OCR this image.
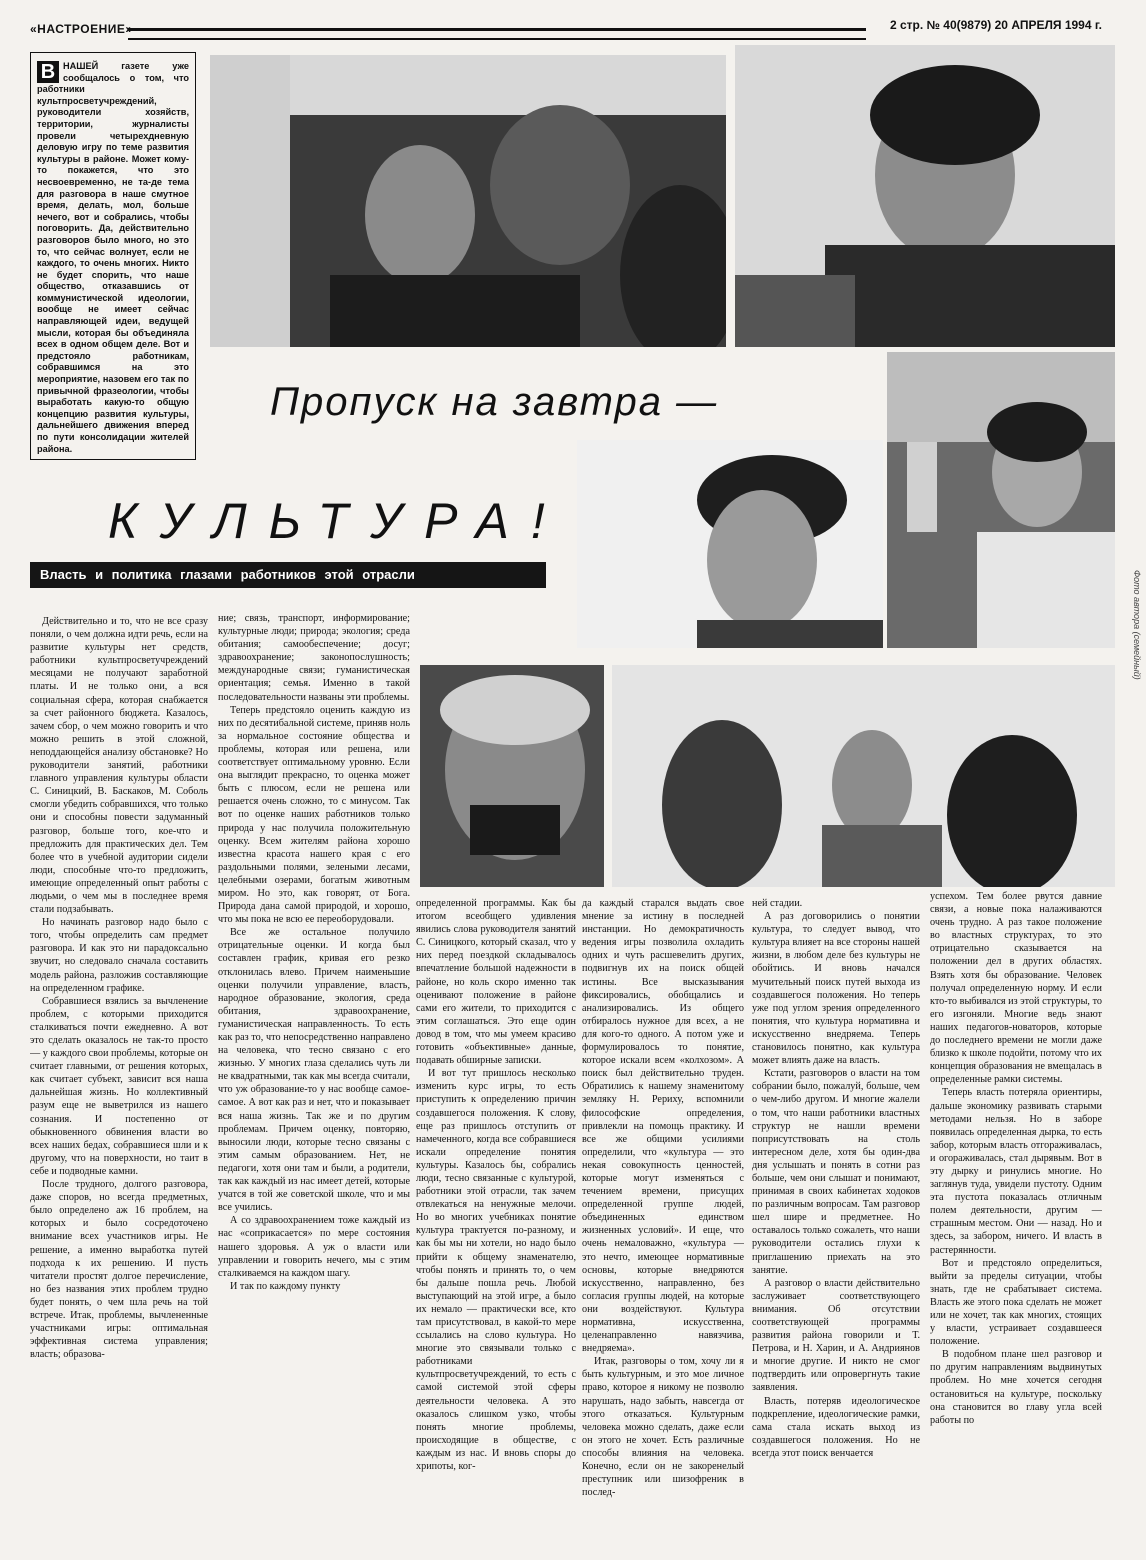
«НАСТРОЕНИЕ»	2 стр. № 40(9879) 20 АПРЕЛЯ 1994 г.
В НАШЕЙ газете уже сообщалось о том, что работники культпросветучреждений, руководители хозяйств, территории, журналисты провели четырехдневную деловую игру по теме развития культуры в районе. Может кому-то покажется, что это несвоевременно, не та-де тема для разговора в наше смутное время, делать, мол, больше нечего, вот и собрались, чтобы поговорить. Да, действительно разговоров было много, но это то, что сейчас волнует, если не каждого, то очень многих. Никто не будет спорить, что наше общество, отказавшись от коммунистической идеологии, вообще не имеет сейчас направляющей идеи, ведущей мысли, которая бы объединяла всех в одном общем деле. Вот и предстояло работникам, собравшимся на это мероприятие, назовем его так по привычной фразеологии, чтобы выработать какую-то общую концепцию развития культуры, дальнейшего движения вперед по пути консолидации жителей района.

Пропуск на завтра —
КУЛЬТУРА!
Власть и политика глазами работников этой отрасли	Фото автора (семейный)

Действительно и то, что не все сразу поняли, о чем должна идти речь, если на развитие культуры нет средств, работники культпросветучреждений месяцами не получают заработной платы. И не только они, а вся социальная сфера, которая снабжается за счет районного бюджета. Казалось, зачем сбор, о чем можно говорить и что можно решить в этой сложной, неподдающейся анализу обстановке? Но руководители занятий, работники главного управления культуры области С. Синицкий, В. Баскаков, М. Соболь смогли убедить собравшихся, что только они и способны повести задуманный разговор, больше того, кое-что и предложить для практических дел. Тем более что в учебной аудитории сидели люди, способные что-то предложить, имеющие определенный опыт работы с людьми, о чем мы в последнее время стали подзабывать.

Но начинать разговор надо было с того, чтобы определить сам предмет разговора. И как это ни парадоксально звучит, но следовало сначала составить модель района, разложив составляющие на определенном графике.

Собравшиеся взялись за вычленение проблем, с которыми приходится сталкиваться почти ежедневно. А вот это сделать оказалось не так-то просто — у каждого свои проблемы, которые он считает главными, от решения которых, как считает субъект, зависит вся наша дальнейшая жизнь. Но коллективный разум еще не выветрился из нашего сознания. И постепенно от обыкновенного обвинения власти во всех наших бедах, собравшиеся шли и к другому, что на поверхности, но таит в себе и подводные камни.

После трудного, долгого разговора, даже споров, но всегда предметных, было определено аж 16 проблем, на которых и было сосредоточено внимание всех участников игры. Не решение, а именно выработка путей подхода к их решению. И пусть читатели простят долгое перечисление, но без названия этих проблем трудно будет понять, о чем шла речь на той встрече. Итак, проблемы, вычлененные участниками игры: оптимальная эффективная система управления; власть; образова-

ние; связь, транспорт, информирование; культурные люди; природа; экология; среда обитания; самообеспечение; досуг; здравоохранение; законопослушность; международные связи; гуманистическая ориентация; семья. Именно в такой последовательности названы эти проблемы.

Теперь предстояло оценить каждую из них по десятибальной системе, приняв ноль за нормальное состояние общества и проблемы, которая или решена, или соответствует оптимальному уровню. Если она выглядит прекрасно, то оценка может быть с плюсом, если не решена или решается очень сложно, то с минусом. Так вот по оценке наших работников только природа у нас получила положительную оценку. Всем жителям района хорошо известна красота нашего края с его раздольными полями, зелеными лесами, целебными озерами, богатым животным миром. Но это, как говорят, от Бога. Природа дана самой природой, и хорошо, что мы пока не всю ее переоборудовали.

Все же остальное получило отрицательные оценки. И когда был составлен график, кривая его резко отклонилась влево. Причем наименьшие оценки получили управление, власть, народное образование, экология, среда обитания, здравоохранение, гуманистическая направленность. То есть как раз то, что непосредственно направлено на человека, что тесно связано с его жизнью. У многих глаза сделались чуть ли не квадратными, так как мы всегда считали, что уж образование-то у нас вообще самое-самое. А вот как раз и нет, что и показывает вся наша жизнь. Так же и по другим проблемам. Причем оценку, повторяю, выносили люди, которые тесно связаны с этим самым образованием. Нет, не педагоги, хотя они там и были, а родители, так как каждый из нас имеет детей, которые учатся в той же советской школе, что и мы все учились.

А со здравоохранением тоже каждый из нас «соприкасается» по мере состояния нашего здоровья. А уж о власти или управлении и говорить нечего, мы с этим сталкиваемся на каждом шагу.

И так по каждому пункту

определенной программы. Как бы итогом всеобщего удивления явились слова руководителя занятий С. Синицкого, который сказал, что у них перед поездкой складывалось впечатление большой надежности в районе, но коль скоро именно так оценивают положение в районе сами его жители, то приходится с этим соглашаться. Это еще один довод в том, что мы умеем красиво готовить «объективные» данные, подавать обширные записки.

И вот тут пришлось несколько изменить курс игры, то есть приступить к определению причин создавшегося положения. К слову, еще раз пришлось отступить от намеченного, когда все собравшиеся искали определение понятия культуры. Казалось бы, собрались люди, тесно связанные с культурой, работники этой отрасли, так зачем отвлекаться на ненужные мелочи. Но во многих учебниках понятие культура трактуется по-разному, и как бы мы ни хотели, но надо было прийти к общему знаменателю, чтобы понять и принять то, о чем бы дальше пошла речь. Любой выступающий на этой игре, а было их немало — практически все, кто там присутствовал, в какой-то мере ссылались на слово культура. Но многие это связывали только с работниками культпросветучреждений, то есть с самой системой этой сферы деятельности человека. А это оказалось слишком узко, чтобы понять многие проблемы, происходящие в обществе, с каждым из нас. И вновь споры до хрипоты, ког-

да каждый старался выдать свое мнение за истину в последней инстанции. Но демократичность ведения игры позволила охладить одних и чуть расшевелить других, подвигнув их на поиск общей истины. Все высказывания фиксировались, обобщались и анализировались. Из общего отбиралось нужное для всех, а не для кого-то одного. А потом уже и формулировалось то понятие, которое искали всем «колхозом». А поиск был действительно труден. Обратились к нашему знаменитому земляку Н. Рериху, вспомнили философские определения, привлекли на помощь практику. И все же общими усилиями определили, что «культура — это некая совокупность ценностей, которые могут изменяться с течением времени, присущих определенной группе людей, объединенных единством жизненных условий». И еще, что очень немаловажно, «культура — это нечто, имеющее нормативные основы, которые внедряются искусственно, направленно, без согласия группы людей, на которые они воздействуют. Культура нормативна, искусственна, целенаправленно навязчива, внедряема».

Итак, разговоры о том, хочу ли я быть культурным, и это мое личное право, которое я никому не позволю нарушать, надо забыть, навсегда от этого отказаться. Культурным человека можно сделать, даже если он этого не хочет. Есть различные способы влияния на человека. Конечно, если он не закоренелый преступник или шизофреник в послед-

ней стадии.

А раз договорились о понятии культура, то следует вывод, что культура влияет на все стороны нашей жизни, в любом деле без культуры не обойтись. И вновь начался мучительный поиск путей выхода из создавшегося положения. Но теперь уже под углом зрения определенного понятия, что культура нормативна и искусственно внедряема. Теперь становилось понятно, как культура может влиять даже на власть.

Кстати, разговоров о власти на том собрании было, пожалуй, больше, чем о чем-либо другом. И многие жалели о том, что наши работники властных структур не нашли времени поприсутствовать на столь интересном деле, хотя бы один-два дня услышать и понять в сотни раз больше, чем они слышат и понимают, принимая в своих кабинетах ходоков по различным вопросам. Там разговор шел шире и предметнее. Но оставалось только сожалеть, что наши руководители остались глухи к приглашению приехать на это занятие.

А разговор о власти действительно заслуживает соответствующего внимания. Об отсутствии соответствующей программы развития района говорили и Т. Петрова, и Н. Харин, и А. Андриянов и многие другие. И никто не смог подтвердить или опровергнуть такие заявления.

Власть, потеряв идеологическое подкрепление, идеологические рамки, сама стала искать выход из создавшегося положения. Но не всегда этот поиск венчается

успехом. Тем более рвутся давние связи, а новые пока налаживаются очень трудно. А раз такое положение во властных структурах, то это отрицательно сказывается на положении дел в других областях. Взять хотя бы образование. Человек получал определенную норму. И если кто-то выбивался из этой структуры, то его изгоняли. Многие ведь знают наших педагогов-новаторов, которые до последнего времени не могли даже близко к школе подойти, потому что их концепция образования не вмещалась в определенные рамки системы.

Теперь власть потеряла ориентиры, дальше экономику развивать старыми методами нельзя. Но в заборе появилась определенная дырка, то есть забор, которым власть отгораживалась, и огораживалась, стал дырявым. Вот в эту дырку и ринулись многие. Но заглянув туда, увидели пустоту. Одним эта пустота показалась отличным полем деятельности, другим — страшным местом. Они — назад. Но и здесь, за забором, ничего. И власть в растерянности.

Вот и предстояло определиться, выйти за пределы ситуации, чтобы знать, где не срабатывает система. Власть же этого пока сделать не может или не хочет, так как многих, стоящих у власти, устраивает создавшееся положение.

В подобном плане шел разговор и по другим направлениям выдвинутых проблем. Но мне хочется сегодня остановиться на культуре, поскольку она становится во главу угла всей работы по
